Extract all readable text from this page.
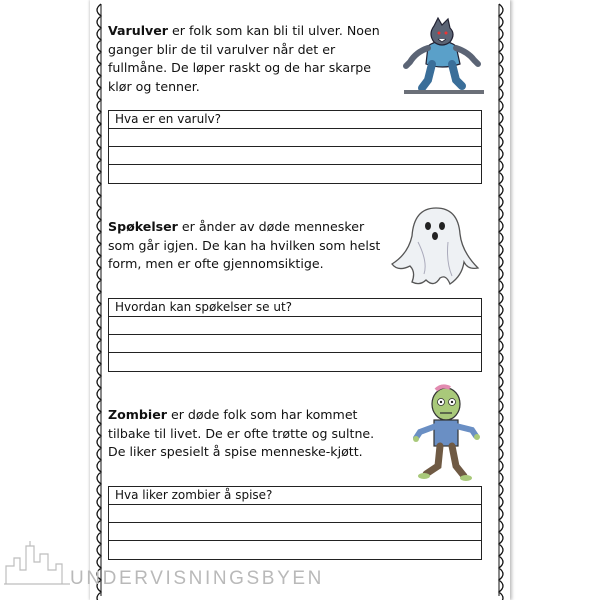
Varulver er folk som kan bli til ulver. Noen ganger blir de til varulver når det er fullmåne. De løper raskt og de har skarpe klør og tenner.
Hva er en varulv?
Spøkelser er ånder av døde mennesker som går igjen. De kan ha hvilken som helst form, men er ofte gjennomsiktige.
Hvordan kan spøkelser se ut?
Zombier er døde folk som har kommet tilbake til livet. De er ofte trøtte og sultne. De liker spesielt å spise menneske-kjøtt.
Hva liker zombier å spise?
UNDERVISNINGSBYEN
